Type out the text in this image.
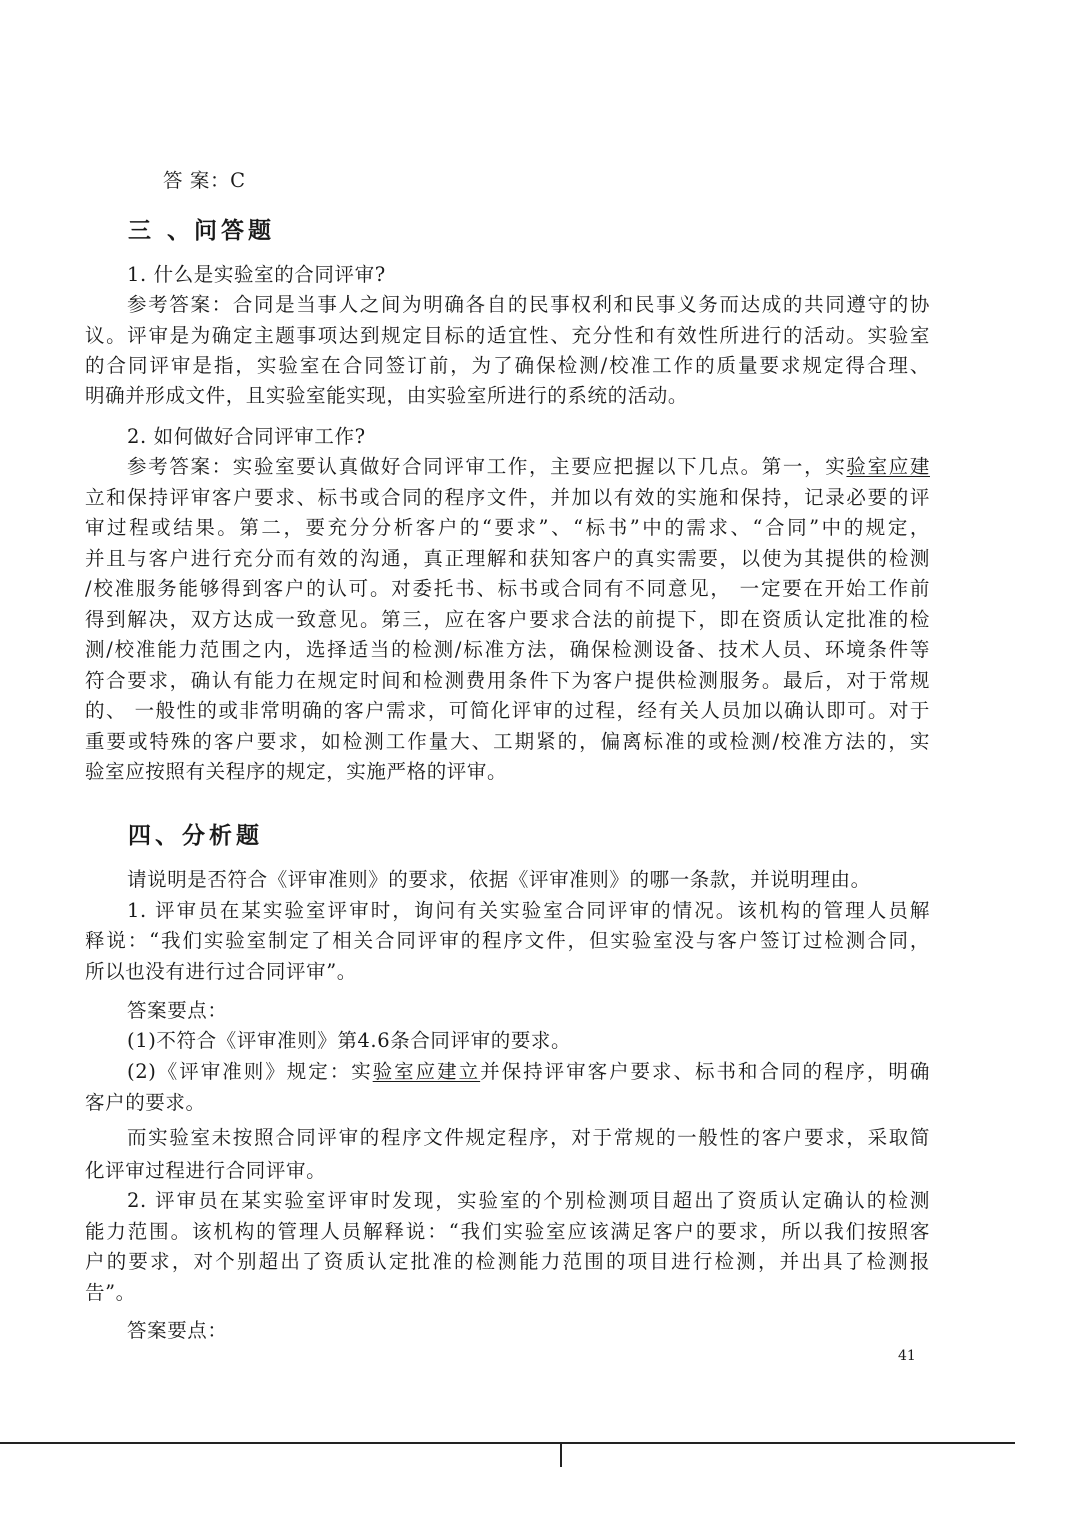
答 案：C
三 、问答题
1. 什么是实验室的合同评审?
参考答案：合同是当事人之间为明确各自的民事权利和民事义务而达成的共同遵守的协
议。评审是为确定主题事项达到规定目标的适宜性、充分性和有效性所进行的活动。实验室
的合同评审是指，实验室在合同签订前，为了确保检测/校准工作的质量要求规定得合理、
明确并形成文件，且实验室能实现，由实验室所进行的系统的活动。
2. 如何做好合同评审工作?
参考答案：实验室要认真做好合同评审工作，主要应把握以下几点。第一，实验室应建
立和保持评审客户要求、标书或合同的程序文件，并加以有效的实施和保持，记录必要的评
审过程或结果。第二，要充分分析客户的“要求”、“标书”中的需求、“合同”中的规定，
并且与客户进行充分而有效的沟通，真正理解和获知客户的真实需要，以使为其提供的检测
/校准服务能够得到客户的认可。对委托书、标书或合同有不同意见， 一定要在开始工作前
得到解决，双方达成一致意见。第三，应在客户要求合法的前提下，即在资质认定批准的检
测/校准能力范围之内，选择适当的检测/标准方法，确保检测设备、技术人员、环境条件等
符合要求，确认有能力在规定时间和检测费用条件下为客户提供检测服务。最后，对于常规
的、 一般性的或非常明确的客户需求，可简化评审的过程，经有关人员加以确认即可。对于
重要或特殊的客户要求，如检测工作量大、工期紧的，偏离标准的或检测/校准方法的，实
验室应按照有关程序的规定，实施严格的评审。
四、分析题
请说明是否符合《评审准则》的要求，依据《评审准则》的哪一条款，并说明理由。
1. 评审员在某实验室评审时，询问有关实验室合同评审的情况。该机构的管理人员解
释说：“我们实验室制定了相关合同评审的程序文件，但实验室没与客户签订过检测合同，
所以也没有进行过合同评审”。
答案要点：
(1)不符合《评审准则》第4.6条合同评审的要求。
(2)《评审准则》规定：实验室应建立并保持评审客户要求、标书和合同的程序，明确
客户的要求。
而实验室未按照合同评审的程序文件规定程序，对于常规的一般性的客户要求，采取简
化评审过程进行合同评审。
2. 评审员在某实验室评审时发现，实验室的个别检测项目超出了资质认定确认的检测
能力范围。该机构的管理人员解释说：“我们实验室应该满足客户的要求，所以我们按照客
户的要求，对个别超出了资质认定批准的检测能力范围的项目进行检测，并出具了检测报
告”。
答案要点：
41
